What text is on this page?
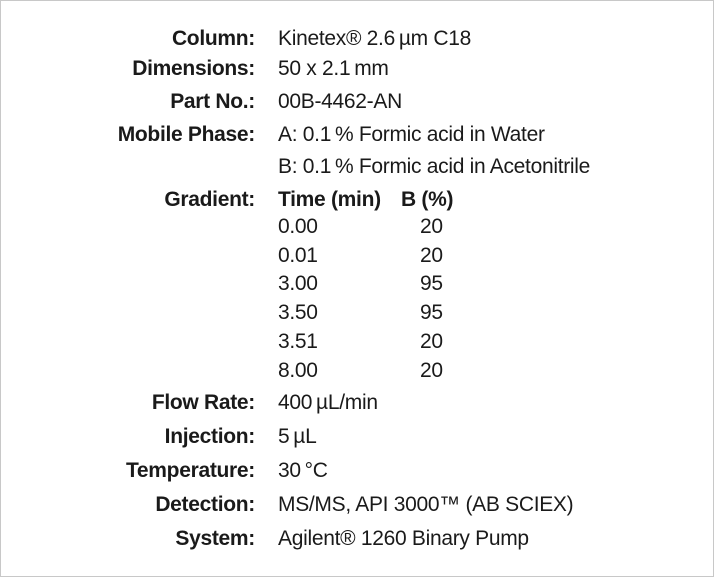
Column: Kinetex® 2.6 µm C18
Dimensions: 50 x 2.1 mm
Part No.: 00B-4462-AN
Mobile Phase: A: 0.1 % Formic acid in Water
B: 0.1 % Formic acid in Acetonitrile
Gradient: Time (min) B (%)
0.00	20
0.01	20
3.00	95
3.50	95
3.51	20
8.00	20
Flow Rate: 400 µL/min
Injection: 5 µL
Temperature: 30 °C
Detection: MS/MS, API 3000™ (AB SCIEX)
System: Agilent® 1260 Binary Pump
